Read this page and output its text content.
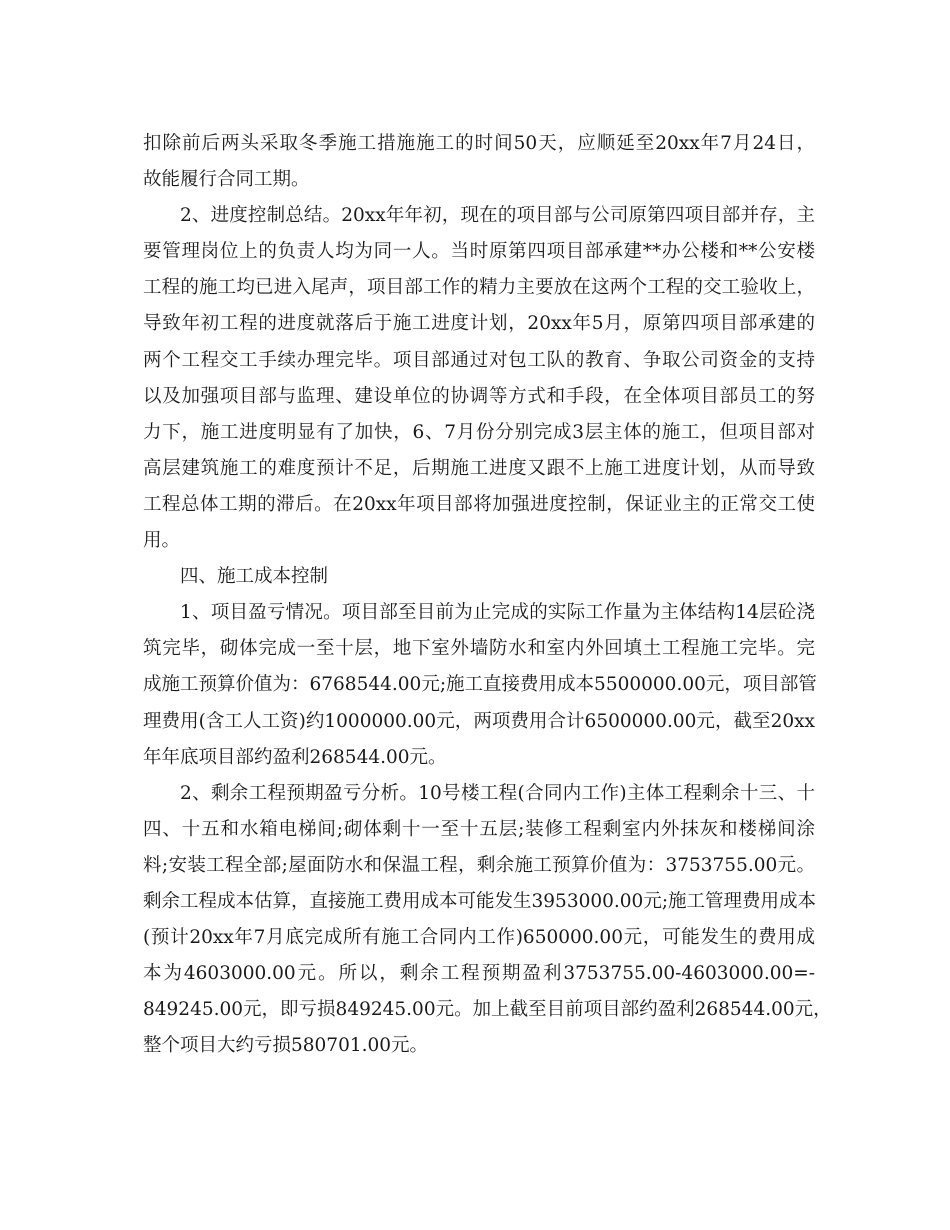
扣除前后两头采取冬季施工措施施工的时间50天，应顺延至20xx年7月24日，
故能履行合同工期。
2、进度控制总结。20xx年年初，现在的项目部与公司原第四项目部并存，主
要管理岗位上的负责人均为同一人。当时原第四项目部承建**办公楼和**公安楼
工程的施工均已进入尾声，项目部工作的精力主要放在这两个工程的交工验收上，
导致年初工程的进度就落后于施工进度计划，20xx年5月，原第四项目部承建的
两个工程交工手续办理完毕。项目部通过对包工队的教育、争取公司资金的支持
以及加强项目部与监理、建设单位的协调等方式和手段，在全体项目部员工的努
力下，施工进度明显有了加快，6、7月份分别完成3层主体的施工，但项目部对
高层建筑施工的难度预计不足，后期施工进度又跟不上施工进度计划，从而导致
工程总体工期的滞后。在20xx年项目部将加强进度控制，保证业主的正常交工使
用。
四、施工成本控制
1、项目盈亏情况。项目部至目前为止完成的实际工作量为主体结构14层砼浇
筑完毕，砌体完成一至十层，地下室外墙防水和室内外回填土工程施工完毕。完
成施工预算价值为：6768544.00元;施工直接费用成本5500000.00元，项目部管
理费用(含工人工资)约1000000.00元，两项费用合计6500000.00元，截至20xx
年年底项目部约盈利268544.00元。
2、剩余工程预期盈亏分析。10号楼工程(合同内工作)主体工程剩余十三、十
四、十五和水箱电梯间;砌体剩十一至十五层;装修工程剩室内外抹灰和楼梯间涂
料;安装工程全部;屋面防水和保温工程，剩余施工预算价值为：3753755.00元。
剩余工程成本估算，直接施工费用成本可能发生3953000.00元;施工管理费用成本
(预计20xx年7月底完成所有施工合同内工作)650000.00元，可能发生的费用成
本为4603000.00元。所以，剩余工程预期盈利3753755.00-4603000.00=-
849245.00元，即亏损849245.00元。加上截至目前项目部约盈利268544.00元，
整个项目大约亏损580701.00元。
